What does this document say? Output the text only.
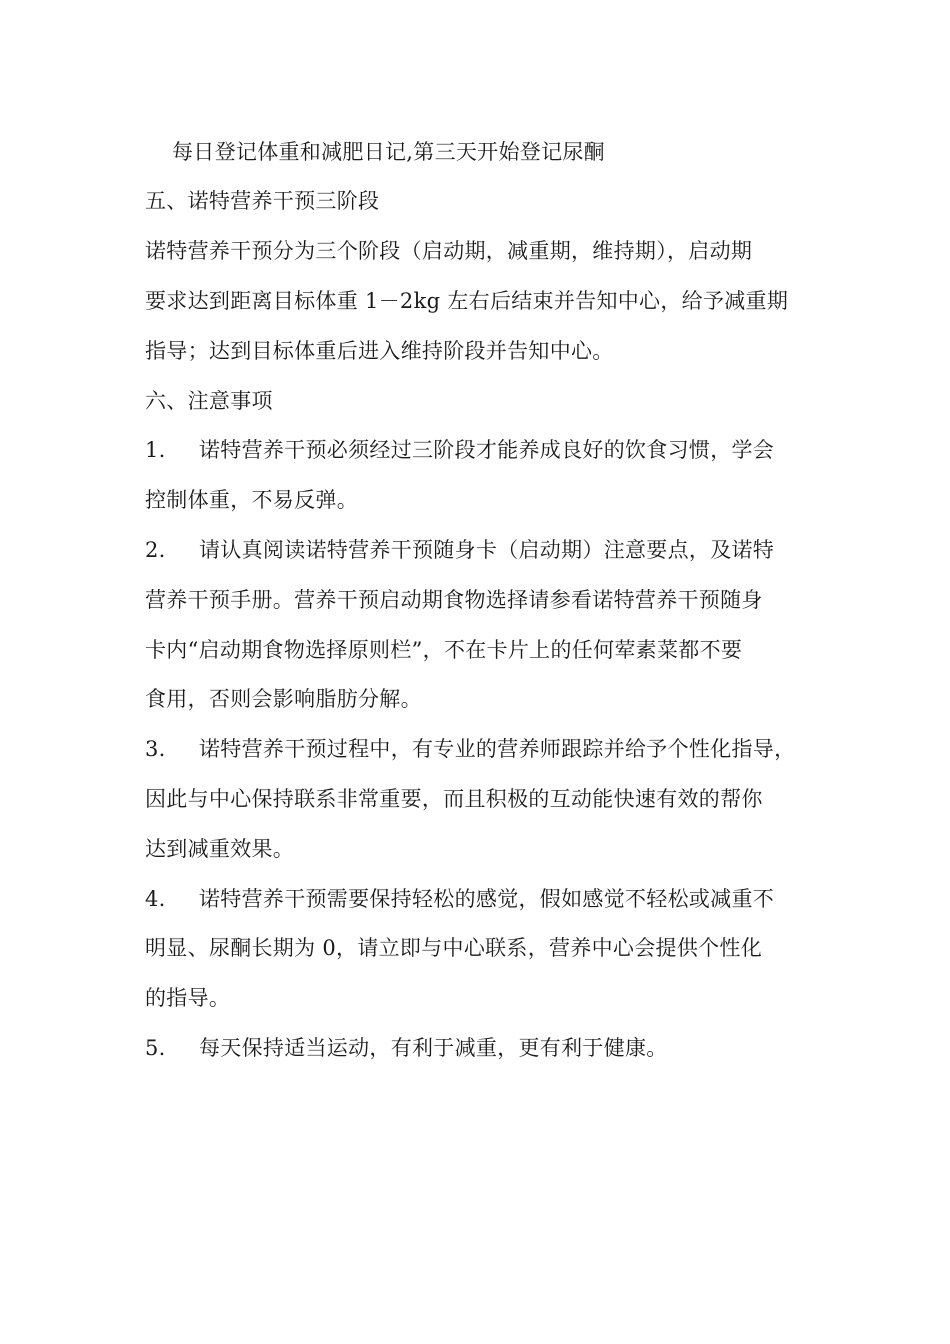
每日登记体重和减肥日记,第三天开始登记尿酮
五、诺特营养干预三阶段
诺特营养干预分为三个阶段（启动期，减重期，维持期），启动期
要求达到距离目标体重 1－2kg 左右后结束并告知中心，给予减重期
指导；达到目标体重后进入维持阶段并告知中心。
六、注意事项
1. 诺特营养干预必须经过三阶段才能养成良好的饮食习惯，学会
控制体重，不易反弹。
2. 请认真阅读诺特营养干预随身卡（启动期）注意要点，及诺特
营养干预手册。营养干预启动期食物选择请参看诺特营养干预随身
卡内“启动期食物选择原则栏”，不在卡片上的任何荤素菜都不要
食用，否则会影响脂肪分解。
3. 诺特营养干预过程中，有专业的营养师跟踪并给予个性化指导，
因此与中心保持联系非常重要，而且积极的互动能快速有效的帮你
达到减重效果。
4. 诺特营养干预需要保持轻松的感觉，假如感觉不轻松或减重不
明显、尿酮长期为 0，请立即与中心联系，营养中心会提供个性化
的指导。
5. 每天保持适当运动，有利于减重，更有利于健康。
